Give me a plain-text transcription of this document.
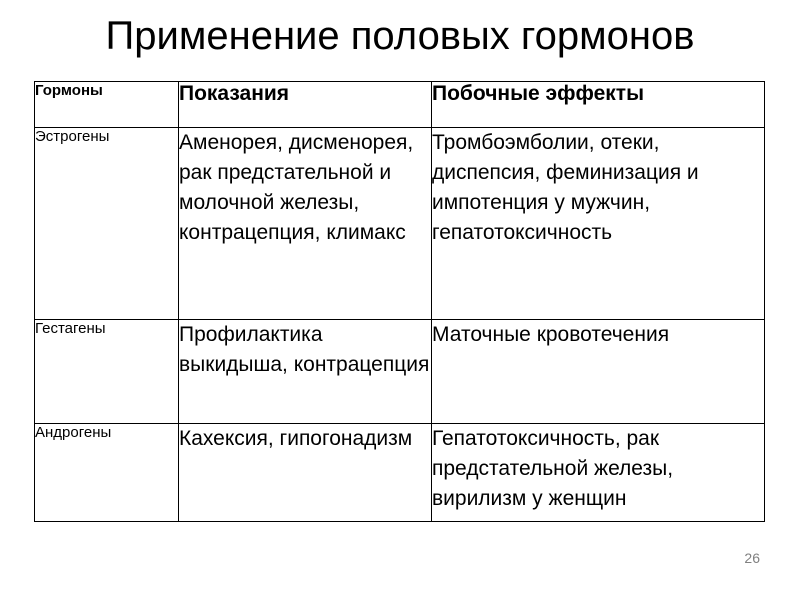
Применение половых гормонов
Гормоны	Показания	Побочные эффекты
Эстрогены	Аменорея, дисменорея, рак предстательной и молочной железы, контрацепция, климакс	Тромбоэмболии, отеки, диспепсия, феминизация и импотенция у мужчин, гепатотоксичность
Гестагены	Профилактика выкидыша, контрацепция	Маточные кровотечения
Андрогены	Кахексия, гипогонадизм	Гепатотоксичность, рак предстательной железы, вирилизм у женщин
26
